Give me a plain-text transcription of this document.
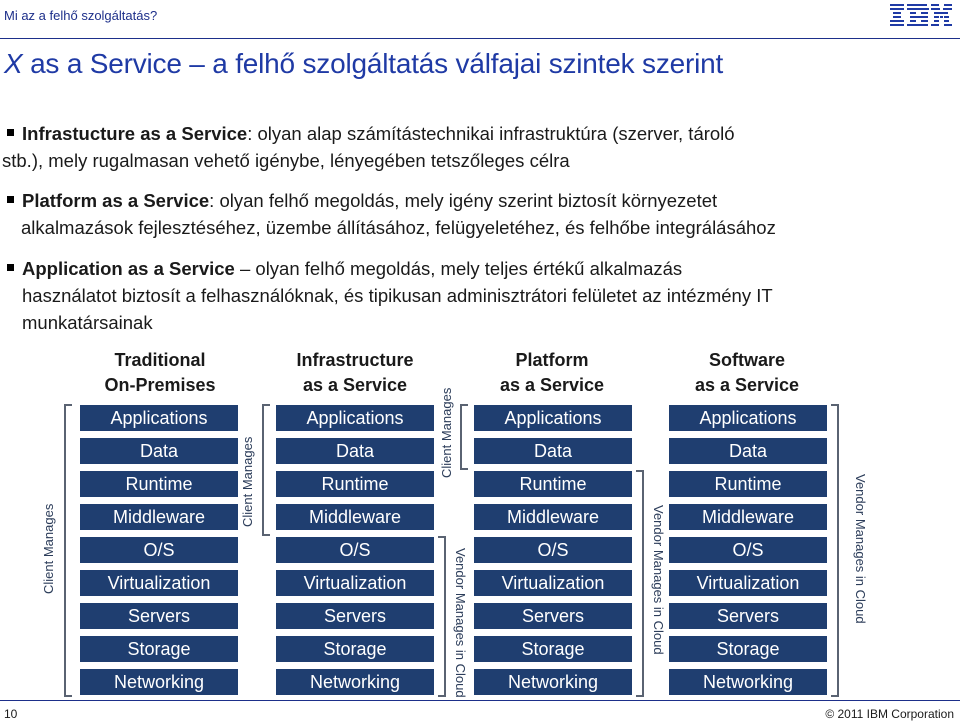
Mi az a felhő szolgáltatás?
X as a Service – a felhő szolgáltatás válfajai szintek szerint
Infrastucture as a Service: olyan alap számítástechnikai infrastruktúra (szerver, tároló
stb.), mely rugalmasan vehető igénybe, lényegében tetszőleges célra
Platform as a Service: olyan felhő megoldás, mely igény szerint biztosít környezetet
alkalmazások fejlesztéséhez, üzembe állításához, felügyeletéhez, és felhőbe integrálásához
Application as a Service – olyan felhő megoldás, mely teljes értékű alkalmazás
használatot biztosít a felhasználóknak, és tipikusan adminisztrátori felületet az intézmény IT
munkatársainak
Traditional
On-Premises
Infrastructure
as a Service
Platform
as a Service
Software
as a Service
Applications
Data
Runtime
Middleware
O/S
Virtualization
Servers
Storage
Networking
Client Manages
Applications
Data
Runtime
Middleware
O/S
Virtualization
Servers
Storage
Networking
Client Manages
Vendor Manages in Cloud
Applications
Data
Runtime
Middleware
O/S
Virtualization
Servers
Storage
Networking
Client Manages
Vendor Manages in Cloud
Applications
Data
Runtime
Middleware
O/S
Virtualization
Servers
Storage
Networking
Vendor Manages in Cloud
10	© 2011 IBM Corporation
